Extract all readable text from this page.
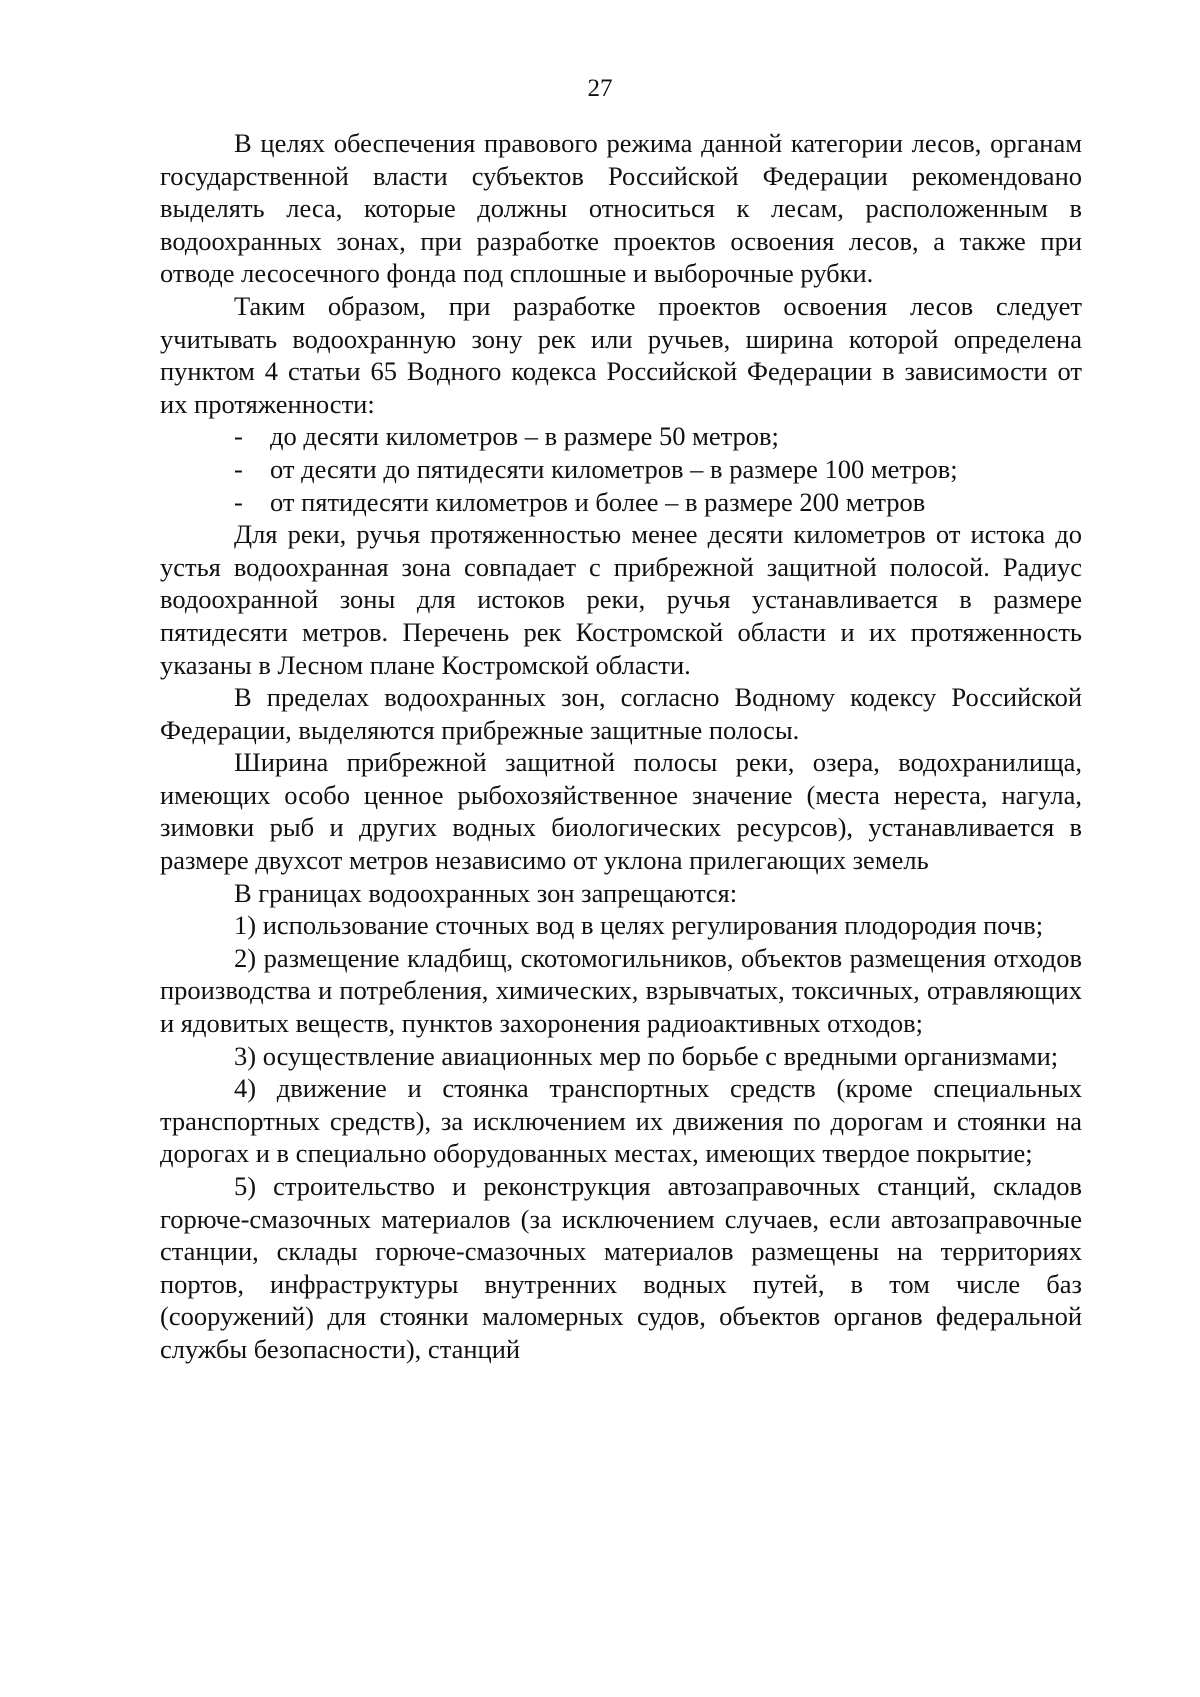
27

В целях обеспечения правового режима данной категории лесов, органам государственной власти субъектов Российской Федерации рекомендовано выделять леса, которые должны относиться к лесам, расположенным в водоохранных зонах, при разработке проектов освоения лесов, а также при отводе лесосечного фонда под сплошные и выборочные рубки.

Таким образом, при разработке проектов освоения лесов следует учитывать водоохранную зону рек или ручьев, ширина которой определена пунктом 4 статьи 65 Водного кодекса Российской Федерации в зависимости от их протяженности:

- до десяти километров – в размере 50 метров;

- от десяти до пятидесяти километров – в размере 100 метров;

- от пятидесяти километров и более – в размере 200 метров

Для реки, ручья протяженностью менее десяти километров от истока до устья водоохранная зона совпадает с прибрежной защитной полосой. Радиус водоохранной зоны для истоков реки, ручья устанавливается в размере пятидесяти метров. Перечень рек Костромской области и их протяженность указаны в Лесном плане Костромской области.

В пределах водоохранных зон, согласно Водному кодексу Российской Федерации, выделяются прибрежные защитные полосы.

Ширина прибрежной защитной полосы реки, озера, водохранилища, имеющих особо ценное рыбохозяйственное значение (места нереста, нагула, зимовки рыб и других водных биологических ресурсов), устанавливается в размере двухсот метров независимо от уклона прилегающих земель

В границах водоохранных зон запрещаются:

1) использование сточных вод в целях регулирования плодородия почв;

2) размещение кладбищ, скотомогильников, объектов размещения отходов производства и потребления, химических, взрывчатых, токсичных, отравляющих и ядовитых веществ, пунктов захоронения радиоактивных отходов;

3) осуществление авиационных мер по борьбе с вредными организмами;

4) движение и стоянка транспортных средств (кроме специальных транспортных средств), за исключением их движения по дорогам и стоянки на дорогах и в специально оборудованных местах, имеющих твердое покрытие;

5) строительство и реконструкция автозаправочных станций, складов горюче-смазочных материалов (за исключением случаев, если автозаправочные станции, склады горюче-смазочных материалов размещены на территориях портов, инфраструктуры внутренних водных путей, в том числе баз (сооружений) для стоянки маломерных судов, объектов органов федеральной службы безопасности), станций
